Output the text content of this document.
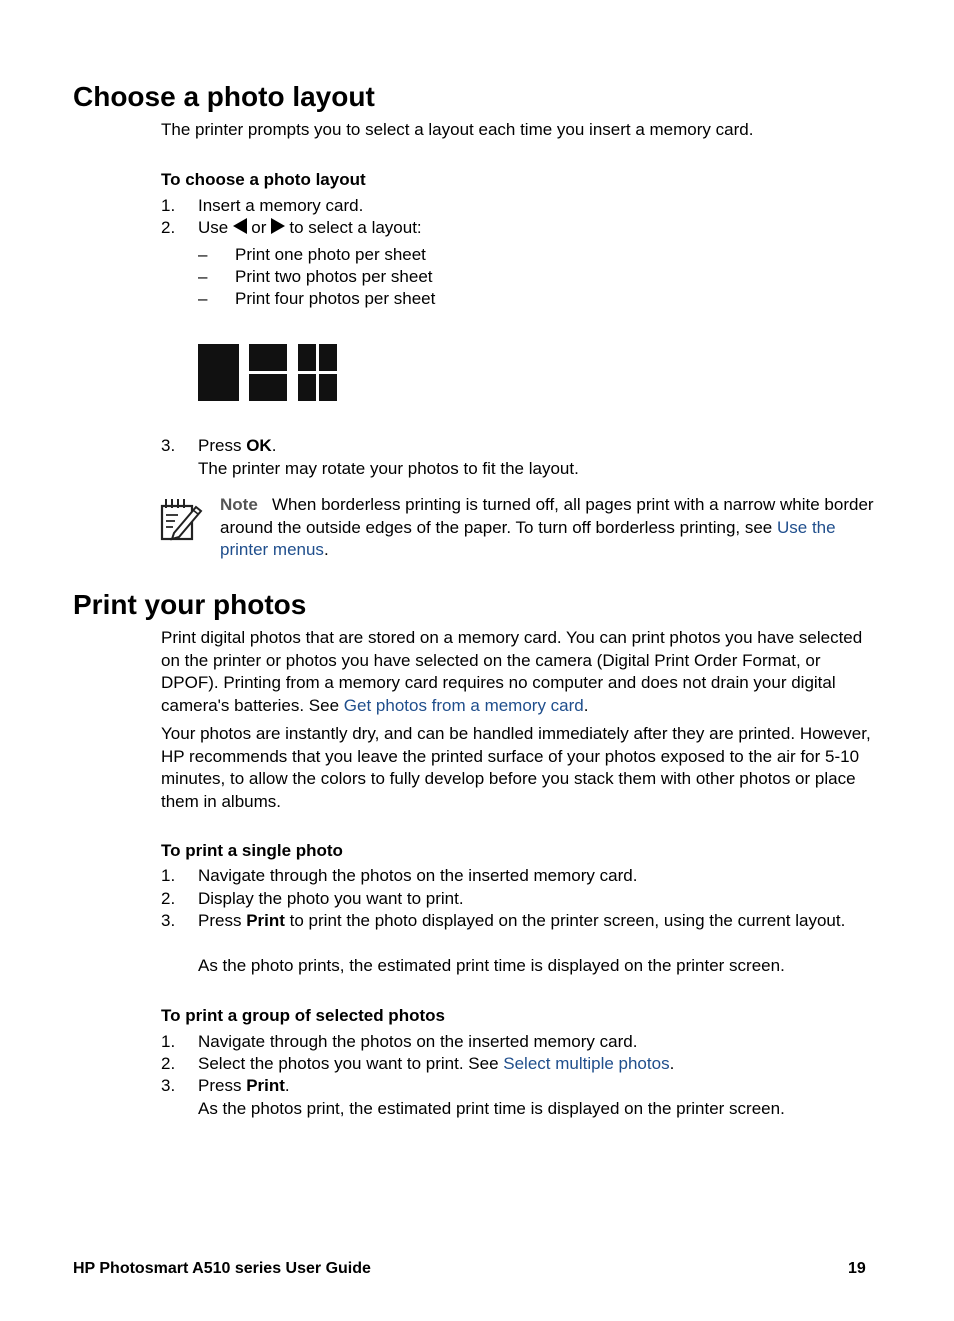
Choose a photo layout

The printer prompts you to select a layout each time you insert a memory card.

To choose a photo layout

1. Insert a memory card.
2. Use or to select a layout:
– Print one photo per sheet
– Print two photos per sheet
– Print four photos per sheet
3. Press OK.
The printer may rotate your photos to fit the layout.
Note When borderless printing is turned off, all pages print with a narrow white border around the outside edges of the paper. To turn off borderless printing, see Use the printer menus.
Print your photos
Print digital photos that are stored on a memory card. You can print photos you have selected on the printer or photos you have selected on the camera (Digital Print Order Format, or DPOF). Printing from a memory card requires no computer and does not drain your digital camera's batteries. See Get photos from a memory card.

Your photos are instantly dry, and can be handled immediately after they are printed. However, HP recommends that you leave the printed surface of your photos exposed to the air for 5-10 minutes, to allow the colors to fully develop before you stack them with other photos or place them in albums.

To print a single photo

1. Navigate through the photos on the inserted memory card.
2. Display the photo you want to print.
3. Press Print to print the photo displayed on the printer screen, using the current layout.
As the photo prints, the estimated print time is displayed on the printer screen.

To print a group of selected photos

1. Navigate through the photos on the inserted memory card.
2. Select the photos you want to print. See Select multiple photos.
3. Press Print.
As the photos print, the estimated print time is displayed on the printer screen.
HP Photosmart A510 series User Guide	19
